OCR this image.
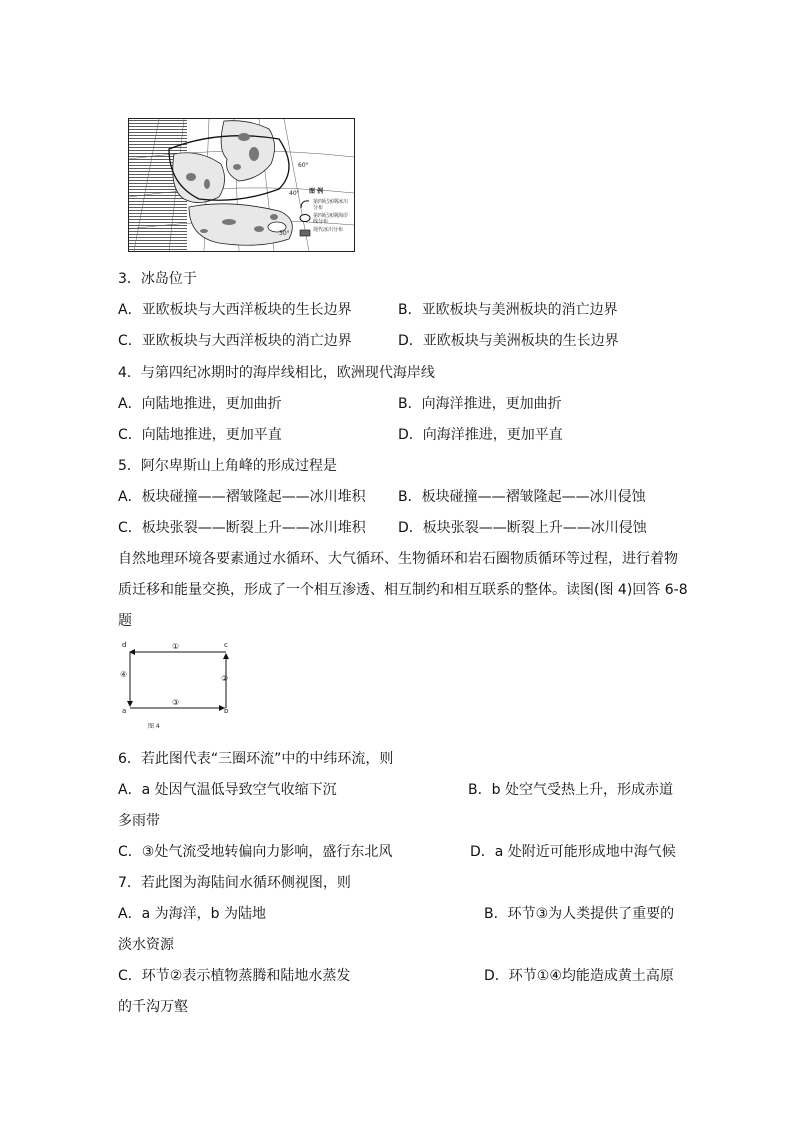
60°
40°
30°
图 例
第四纪冰期冰川分布
第四纪冰期海岸线分布
现代冰川分布
3．冰岛位于
A．亚欧板块与大西洋板块的生长边界	B．亚欧板块与美洲板块的消亡边界
C．亚欧板块与大西洋板块的消亡边界	D．亚欧板块与美洲板块的生长边界
4．与第四纪冰期时的海岸线相比，欧洲现代海岸线
A．向陆地推进，更加曲折	B．向海洋推进，更加曲折
C．向陆地推进，更加平直	D．向海洋推进，更加平直
5．阿尔卑斯山上角峰的形成过程是
A．板块碰撞——褶皱隆起——冰川堆积 B．板块碰撞——褶皱隆起——冰川侵蚀
C．板块张裂——断裂上升——冰川堆积 D．板块张裂——断裂上升——冰川侵蚀
自然地理环境各要素通过水循环、大气循环、生物循环和岩石圈物质循环等过程，进行着物
质迁移和能量交换，形成了一个相互渗透、相互制约和相互联系的整体。读图(图 4)回答 6-8
题
d	c
a	b
①
②
③
④
图 4
6．若此图代表“三圈环流”中的中纬环流，则
A．a 处因气温低导致空气收缩下沉	B．b 处空气受热上升，形成赤道
多雨带
C．③处气流受地转偏向力影响，盛行东北风	D．a 处附近可能形成地中海气候
7．若此图为海陆间水循环侧视图，则
A．a 为海洋，b 为陆地	B．环节③为人类提供了重要的
淡水资源
C．环节②表示植物蒸腾和陆地水蒸发	D．环节①④均能造成黄土高原
的千沟万壑
